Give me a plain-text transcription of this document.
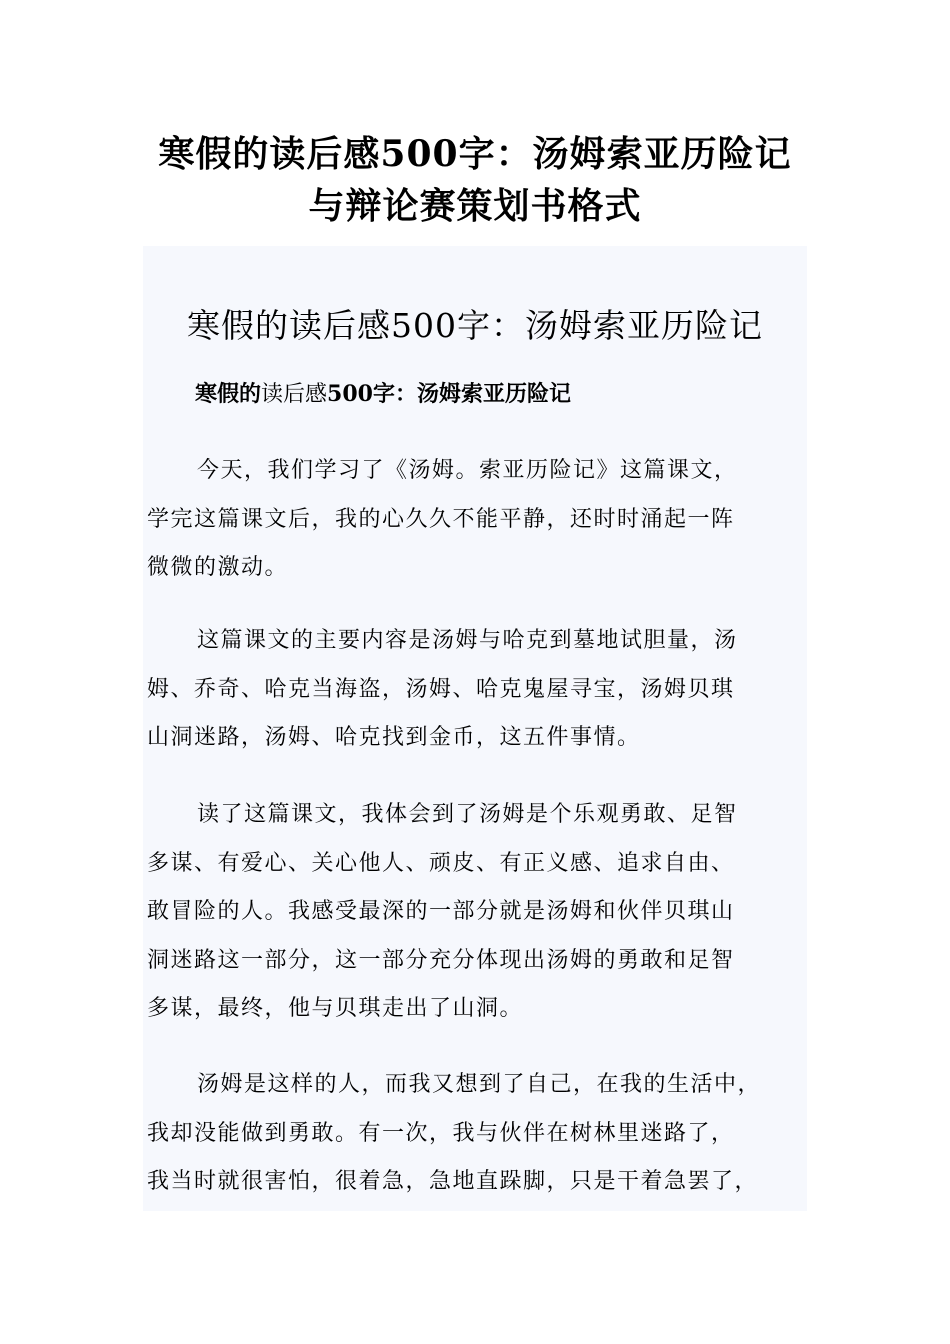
寒假的读后感500字：汤姆索亚历险记
与辩论赛策划书格式
寒假的读后感500字：汤姆索亚历险记

寒假的读后感500字：汤姆索亚历险记

今天，我们学习了《汤姆。索亚历险记》这篇课文，
学完这篇课文后，我的心久久不能平静，还时时涌起一阵
微微的激动。

这篇课文的主要内容是汤姆与哈克到墓地试胆量，汤
姆、乔奇、哈克当海盗，汤姆、哈克鬼屋寻宝，汤姆贝琪
山洞迷路，汤姆、哈克找到金币，这五件事情。

读了这篇课文，我体会到了汤姆是个乐观勇敢、足智
多谋、有爱心、关心他人、顽皮、有正义感、追求自由、
敢冒险的人。我感受最深的一部分就是汤姆和伙伴贝琪山
洞迷路这一部分，这一部分充分体现出汤姆的勇敢和足智
多谋，最终，他与贝琪走出了山洞。

汤姆是这样的人，而我又想到了自己，在我的生活中，
我却没能做到勇敢。有一次，我与伙伴在树林里迷路了，
我当时就很害怕，很着急，急地直跺脚，只是干着急罢了，
